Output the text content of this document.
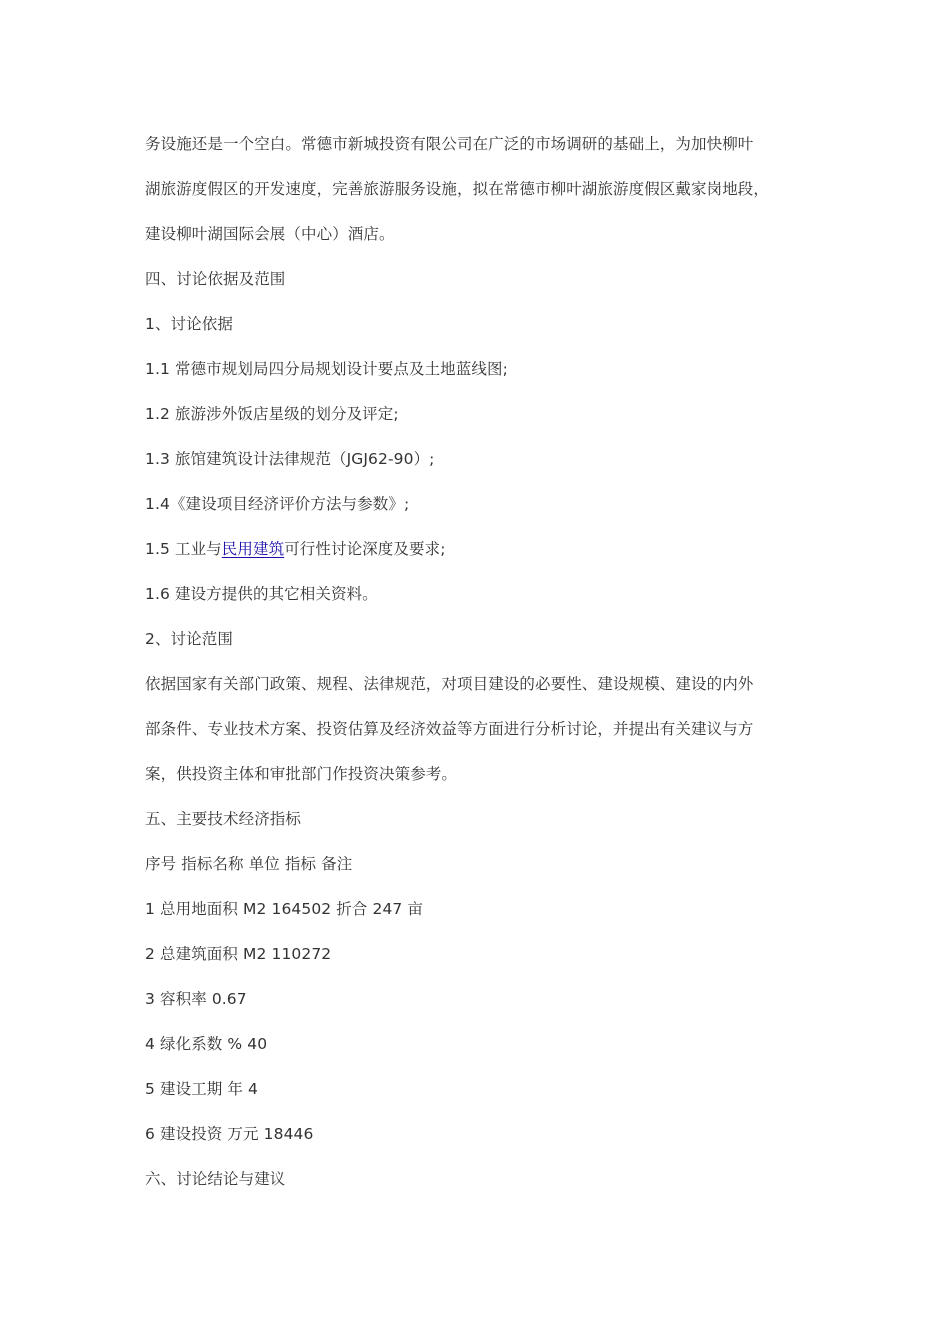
务设施还是一个空白。常德市新城投资有限公司在广泛的市场调研的基础上，为加快柳叶
湖旅游度假区的开发速度，完善旅游服务设施，拟在常德市柳叶湖旅游度假区戴家岗地段，
建设柳叶湖国际会展（中心）酒店。
四、讨论依据及范围
1、讨论依据
1.1 常德市规划局四分局规划设计要点及土地蓝线图;
1.2 旅游涉外饭店星级的划分及评定;
1.3 旅馆建筑设计法律规范（JGJ62-90）;
1.4《建设项目经济评价方法与参数》;
1.5 工业与民用建筑可行性讨论深度及要求;
1.6 建设方提供的其它相关资料。
2、讨论范围
依据国家有关部门政策、规程、法律规范，对项目建设的必要性、建设规模、建设的内外
部条件、专业技术方案、投资估算及经济效益等方面进行分析讨论，并提出有关建议与方
案，供投资主体和审批部门作投资决策参考。
五、主要技术经济指标
序号 指标名称 单位 指标 备注
1 总用地面积 M2 164502 折合 247 亩
2 总建筑面积 M2 110272
3 容积率 0.67
4 绿化系数 % 40
5 建设工期 年 4
6 建设投资 万元 18446
六、讨论结论与建议
